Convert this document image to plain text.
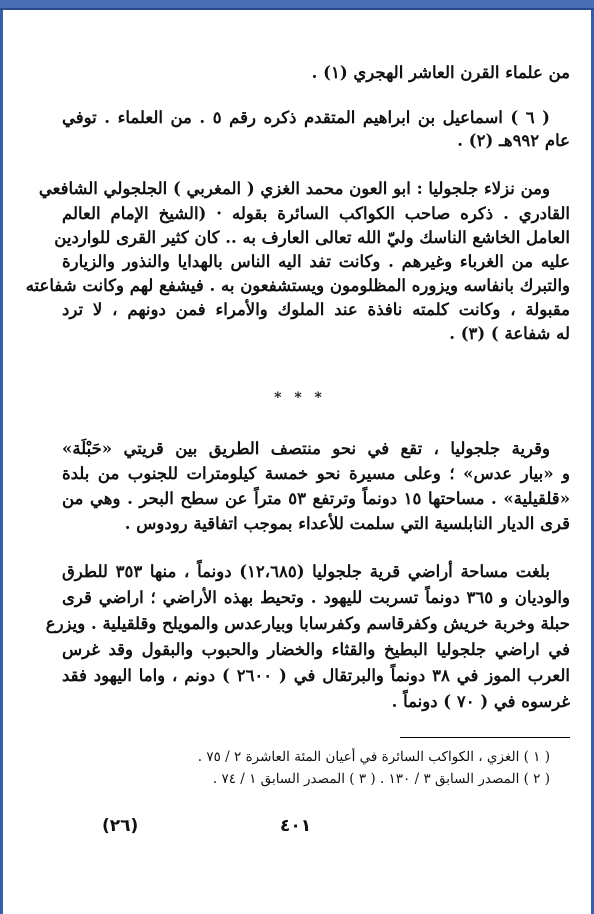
من علماء القرن العاشر الهجري (١) .
( ٦ ) اسماعيل بن ابراهيم المتقدم ذكره رقم ٥ . من العلماء . توفي
عام ٩٩٢هـ (٢) .
ومن نزلاء جلجوليا : ابو العون محمد الغزي ( المغربي ) الجلجولي الشافعي
القادري . ذكره صاحب الكواكب السائرة بقوله · (الشيخ الإمام العالم
العامل الخاشع الناسك وليّ الله تعالى العارف به .. كان كثير القرى للواردين
عليه من الغرباء وغيرهم . وكانت تفد اليه الناس بالهدايا والنذور والزيارة
والتبرك بانفاسه ويزوره المظلومون ويستشفعون به . فيشفع لهم وكانت شفاعته
مقبولة ، وكانت كلمته نافذة عند الملوك والأمراء فمن دونهم ، لا ترد
له شفاعة ) (٣) .
وقرية جلجوليا ، تقع في نحو منتصف الطريق بين قريتي «حَبْلَة»
و «بيار عدس» ؛ وعلى مسيرة نحو خمسة كيلومترات للجنوب من بلدة
«قلقيلية» . مساحتها ١٥ دونماً وترتفع ٥٣ متراً عن سطح البحر . وهي من
قرى الديار النابلسية التي سلمت للأعداء بموجب اتفاقية رودوس .
بلغت مساحة أراضي قرية جلجوليا (١٢،٦٨٥) دونماً ، منها ٣٥٣ للطرق
والوديان و ٣٦٥ دونماً تسربت لليهود . وتحيط بهذه الأراضي ؛ اراضي قرى
حبلة وخربة خريش وكفرقاسم وكفرسابا وبيارعدس والمويلح وقلقيلية . ويزرع
في اراضي جلجوليا البطيخ والقثاء والخضار والحبوب والبقول وقد غرس
العرب الموز في ٣٨ دونماً والبرتقال في ( ٢٦٠٠ ) دونم ، واما اليهود فقد
غرسوه في ( ٧٠ ) دونماً .
* * *
( ١ ) الغزي ، الكواكب السائرة في أعيان المئة العاشرة ٢ / ٧٥ .
( ٢ ) المصدر السابق ٣ / ١٣٠ . ( ٣ ) المصدر السابق ١ / ٧٤ .
٤٠١
(٢٦)
